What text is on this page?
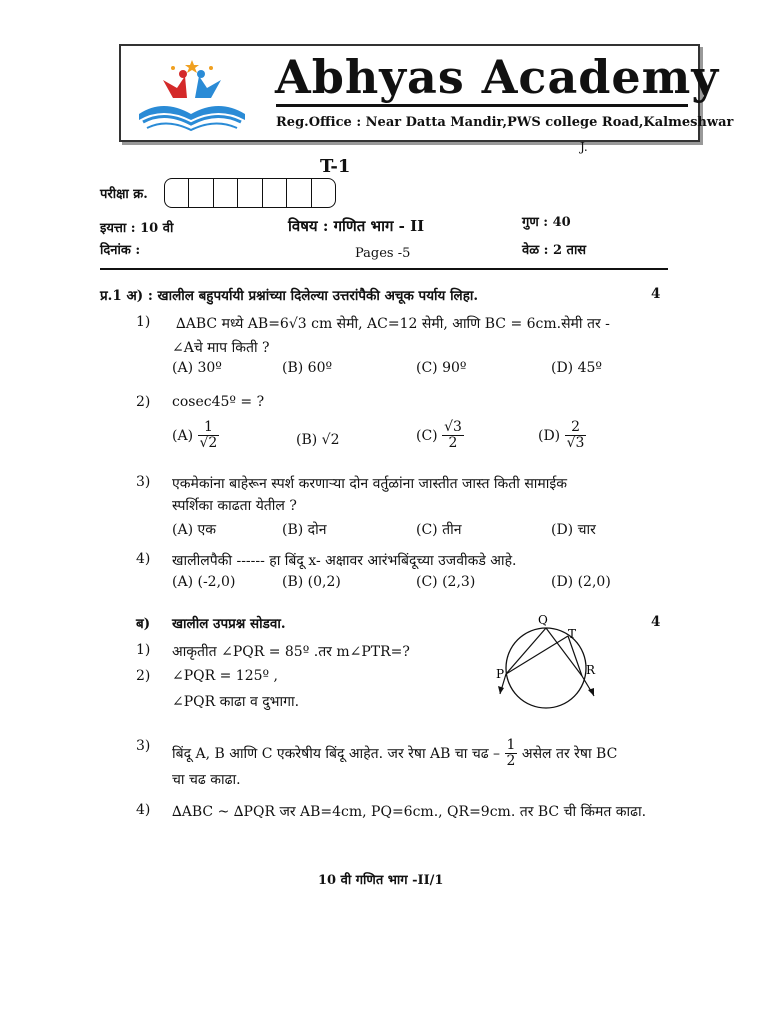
Abhyas Academy
Reg.Office : Near Datta Mandir,PWS college Road,Kalmeshwar
J.
T-1
परीक्षा क्र.
इयत्ता : 10 वी	विषय : गणित भाग - II	गुण : 40
दिनांक :	Pages -5	वेळ : 2 तास
प्र.1 अ) : खालील बहुपर्यायी प्रश्नांच्या दिलेल्या उत्तरांपैकी अचूक पर्याय लिहा.	4
1) ∆ABC मध्ये AB=6√3 cm सेमी, AC=12 सेमी, आणि BC = 6cm.सेमी तर -
∠Aचे माप किती ?
(A) 30º	(B) 60º	(C) 90º	(D) 45º
2) cosec45º = ?
$(A) \frac{1}{√2}$	(B) √2	$(C) \frac{√3}{2}$	$(D) \frac{2}{√3}$
3) एकमेकांना बाहेरून स्पर्श करणाऱ्या दोन वर्तुळांना जास्तीत जास्त किती सामाईक
स्पर्शिका काढता येतील ?
(A) एक	(B) दोन	(C) तीन	(D) चार
4) खालीलपैकी ------ हा बिंदू x- अक्षावर आरंभबिंदूच्या उजवीकडे आहे.
(A) (-2,0)	(B) (0,2)	(C) (2,3)	(D) (2,0)
ब) खालील उपप्रश्न सोडवा.	4
1) आकृतीत ∠PQR = 85º .तर m∠PTR=?
2) ∠PQR = 125º ,
∠PQR काढा व दुभागा.
Q
T
R
P
3) बिंदू A, B आणि C एकरेषीय बिंदू आहेत. जर रेषा AB चा चढ – $\frac{1}{2}$ असेल तर रेषा BC
चा चढ काढा.
4) ∆ABC ~ ∆PQR जर AB=4cm, PQ=6cm., QR=9cm. तर BC ची किंमत काढा.
10 वी गणित भाग -II/1
